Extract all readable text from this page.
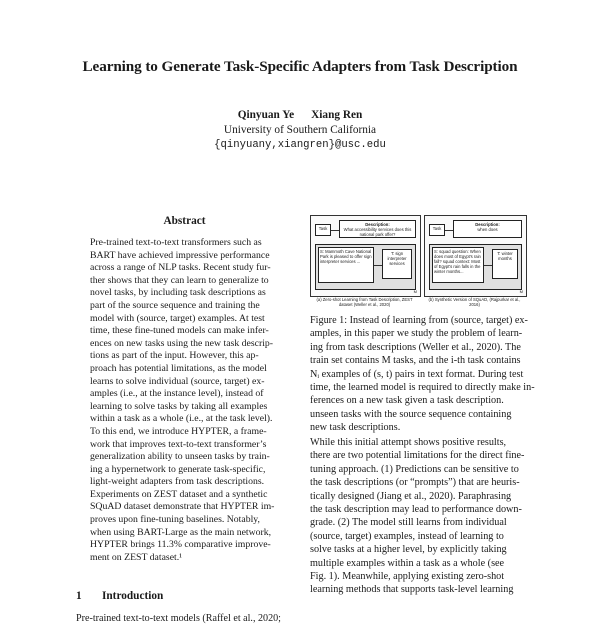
Learning to Generate Task-Specific Adapters from Task Description
Qinyuan Ye Xiang Ren
University of Southern California
{qinyuany,xiangren}@usc.edu
Abstract
Pre-trained text-to-text transformers such as
BART have achieved impressive performance
across a range of NLP tasks. Recent study fur-
ther shows that they can learn to generalize to
novel tasks, by including task descriptions as
part of the source sequence and training the
model with (source, target) examples. At test
time, these fine-tuned models can make infer-
ences on new tasks using the new task descrip-
tions as part of the input. However, this ap-
proach has potential limitations, as the model
learns to solve individual (source, target) ex-
amples (i.e., at the instance level), instead of
learning to solve tasks by taking all examples
within a task as a whole (i.e., at the task level).
To this end, we introduce HYPTER, a frame-
work that improves text-to-text transformer’s
generalization ability to unseen tasks by train-
ing a hypernetwork to generate task-specific,
light-weight adapters from task descriptions.
Experiments on ZEST dataset and a synthetic
SQuAD dataset demonstrate that HYPTER im-
proves upon fine-tuning baselines. Notably,
when using BART-Large as the main network,
HYPTER brings 11.3% comparative improve-
ment on ZEST dataset.¹
1 Introduction
Pre-trained text-to-text models (Raffel et al., 2020;
Task
Description:
What accessibility services does this national park offer?
S: Mammoth Cave National Park is pleased to offer sign interpreter services ...
T: sign interpreter services
M
(a) Zero-shot Learning from Task Description, ZEST dataset (Weller et al., 2020)
Task
Description:
when does
S: squad question: When does most of Egypt's rain fall? squad context: Most of Egypt's rain falls in the winter months...
T: winter months
M
(b) Synthetic Version of SQuAD, (Rajpurkar et al., 2016)
Figure 1: Instead of learning from (source, target) ex-
amples, in this paper we study the problem of learn-
ing from task descriptions (Weller et al., 2020). The
train set contains M tasks, and the i-th task contains
Nᵢ examples of (s, t) pairs in text format. During test
time, the learned model is required to directly make in-
ferences on a new task given a task description.
unseen tasks with the source sequence containing
new task descriptions.
While this initial attempt shows positive results,
there are two potential limitations for the direct fine-
tuning approach. (1) Predictions can be sensitive to
the task descriptions (or “prompts”) that are heuris-
tically designed (Jiang et al., 2020). Paraphrasing
the task description may lead to performance down-
grade. (2) The model still learns from individual
(source, target) examples, instead of learning to
solve tasks at a higher level, by explicitly taking
multiple examples within a task as a whole (see
Fig. 1). Meanwhile, applying existing zero-shot
learning methods that supports task-level learning
